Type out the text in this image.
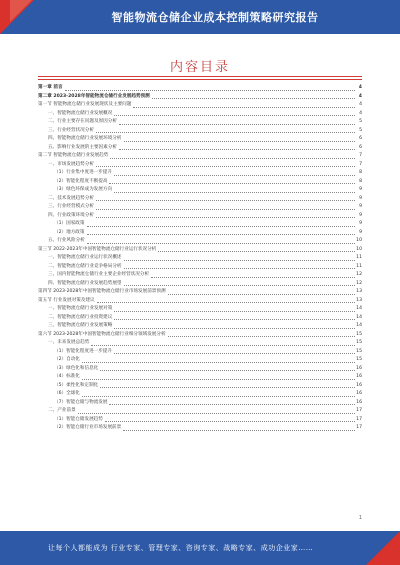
智能物流仓储企业成本控制策略研究报告
内容目录
第一章 前言	4
第二章 2023-2028年智能物流仓储行业发展趋势预测	4
第一节 智能物流仓储行业发展现状及主要问题	4
一、智能物流仓储行业发展概况	4
二、行业主要存在问题及原因分析	5
三、行业经营状况分析	5
四、智能物流仓储行业发展环境分析	6
五、影响行业发展的主要因素分析	6
第二节 智能物流仓储行业发展趋势	7
一、市场发展趋势分析	7
（1）行业集中度进一步提升	8
（2）智能化程度不断提高	8
（3）绿色环保成为发展方向	9
二、技术发展趋势分析	9
三、行业经营模式分析	9
四、行业政策环境分析	9
（1）国家政策	9
（2）地方政策	9
五、行业风险分析	10
第三节 2022-2023年中国智能物流仓储行业运行状况分析	10
一、智能物流仓储行业运行状况概述	11
二、智能物流仓储行业竞争格局分析	11
三、国内智能物流仓储行业主要企业经营状况分析	12
四、智能物流仓储行业发展趋势展望	12
第四节 2023-2028年中国智能物流仓储行业市场发展前景预测	13
第五节 行业发展对策及建议	13
一、智能物流仓储行业发展对策	14
二、智能物流仓储行业投资建议	14
三、智能物流仓储行业发展策略	14
第六节 2023-2028年中国智能物流仓储行业细分领域发展分析	15
一、未来发展总趋势	15
（1）智能化程度进一步提升	15
（2）自动化	15
（3）绿色化和信息化	16
（4）标准化	16
（5）柔性化和定制化	16
（6）全球化	16
（7）智能仓储与物流发展	16
二、产业前景	17
（1）智能仓储发展趋势	17
（2）智能仓储行业市场发展前景	17
1
让每个人都能成为 行业专家、管理专家、咨询专家、战略专家、成功企业家……
